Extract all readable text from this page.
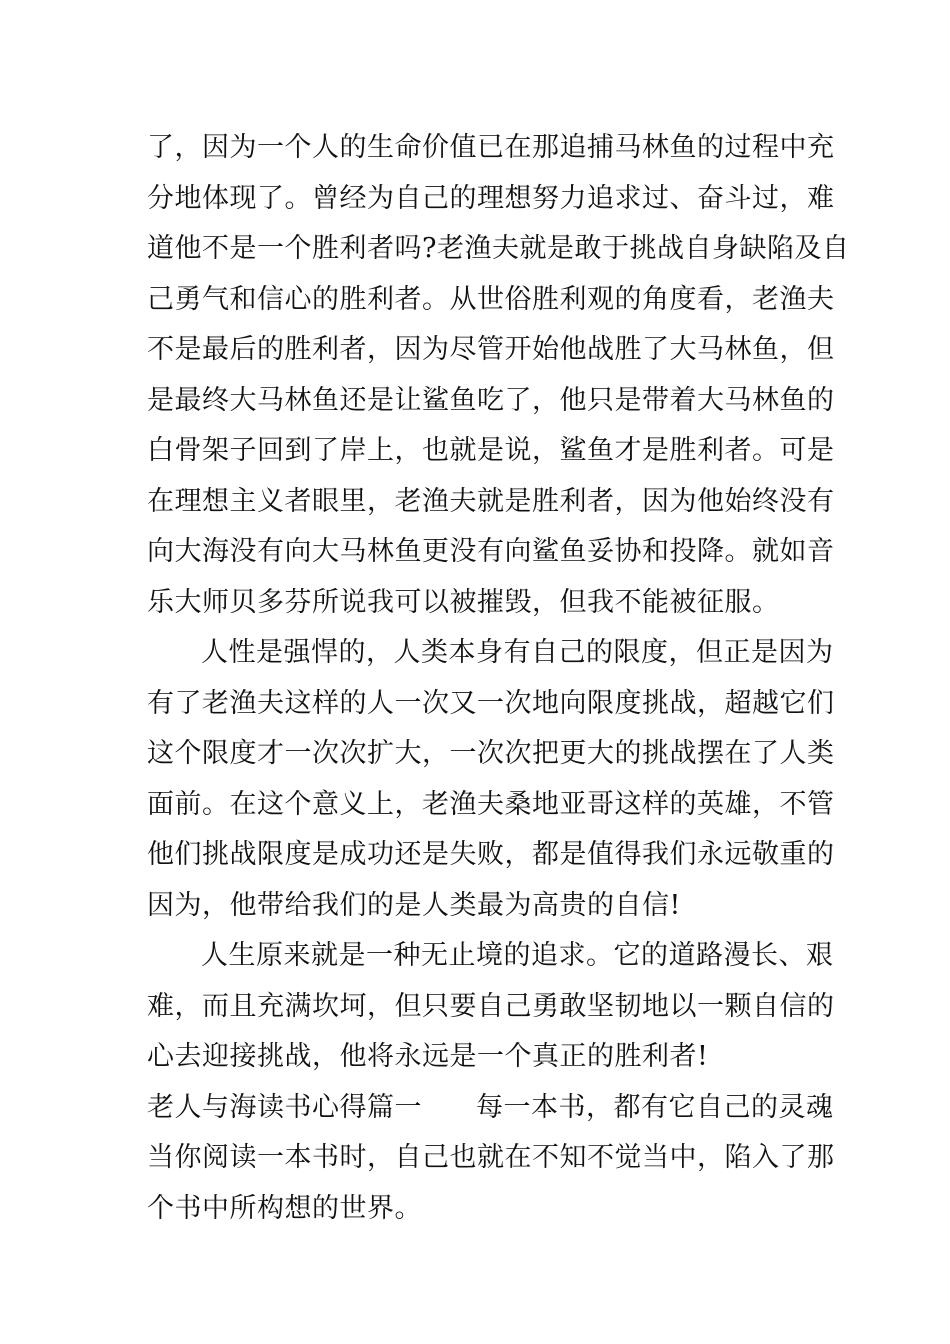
了，因为一个人的生命价值已在那追捕马林鱼的过程中充
分地体现了。曾经为自己的理想努力追求过、奋斗过，难
道他不是一个胜利者吗?老渔夫就是敢于挑战自身缺陷及自
己勇气和信心的胜利者。从世俗胜利观的角度看，老渔夫
不是最后的胜利者，因为尽管开始他战胜了大马林鱼，但
是最终大马林鱼还是让鲨鱼吃了，他只是带着大马林鱼的
白骨架子回到了岸上，也就是说，鲨鱼才是胜利者。可是
在理想主义者眼里，老渔夫就是胜利者，因为他始终没有
向大海没有向大马林鱼更没有向鲨鱼妥协和投降。就如音
乐大师贝多芬所说我可以被摧毁，但我不能被征服。
人性是强悍的，人类本身有自己的限度，但正是因为
有了老渔夫这样的人一次又一次地向限度挑战，超越它们
这个限度才一次次扩大，一次次把更大的挑战摆在了人类
面前。在这个意义上，老渔夫桑地亚哥这样的英雄，不管
他们挑战限度是成功还是失败，都是值得我们永远敬重的
因为，他带给我们的是人类最为高贵的自信!
人生原来就是一种无止境的追求。它的道路漫长、艰
难，而且充满坎坷，但只要自己勇敢坚韧地以一颗自信的
心去迎接挑战，他将永远是一个真正的胜利者!
老人与海读书心得篇一 每一本书，都有它自己的灵魂
当你阅读一本书时，自己也就在不知不觉当中，陷入了那
个书中所构想的世界。
